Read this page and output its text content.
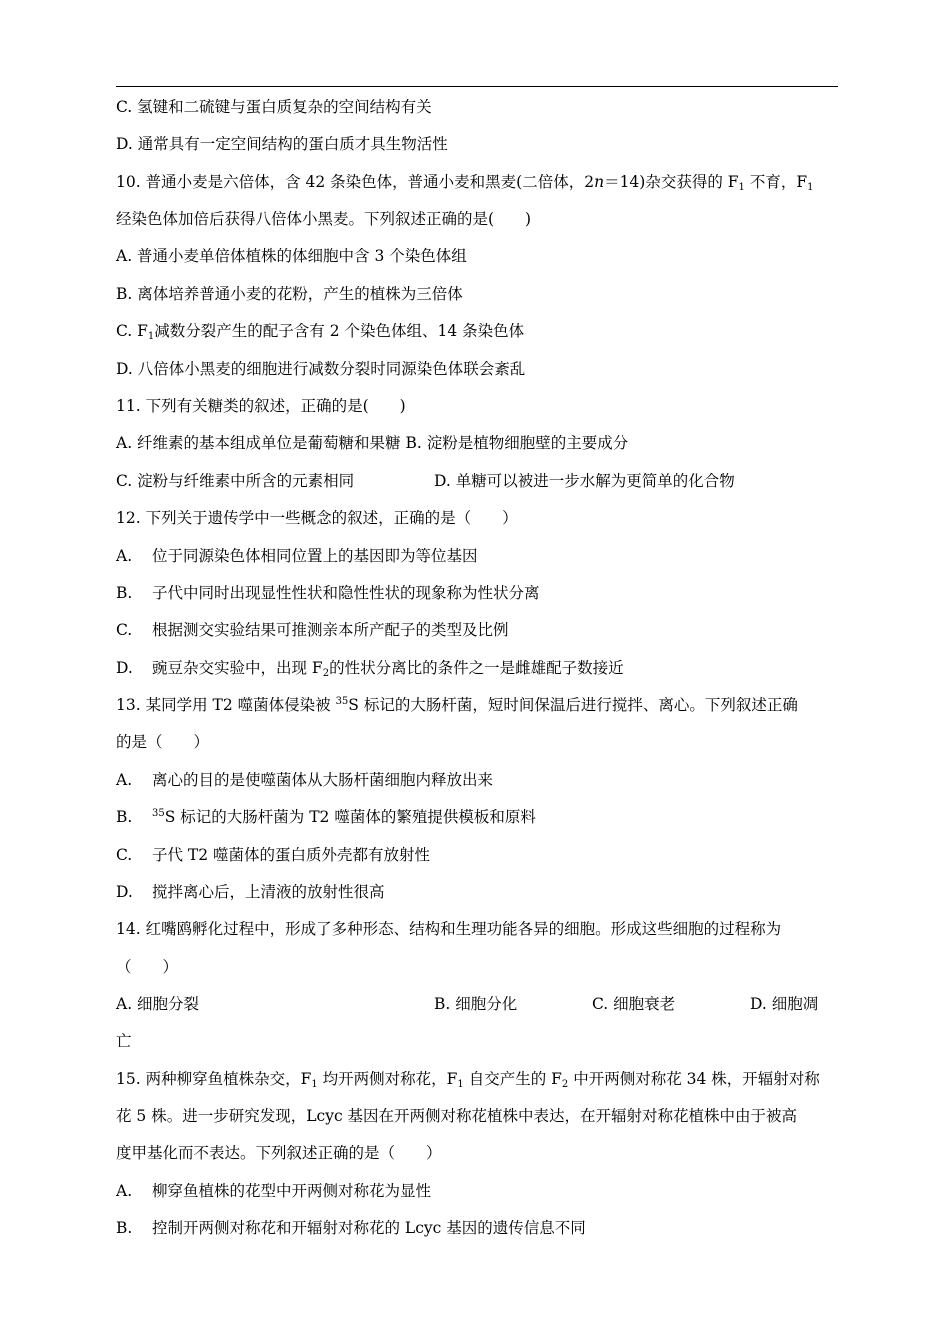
C. 氢键和二硫键与蛋白质复杂的空间结构有关
D. 通常具有一定空间结构的蛋白质才具生物活性
10. 普通小麦是六倍体，含 42 条染色体，普通小麦和黑麦(二倍体，2n＝14)杂交获得的 $F_1$ 不育，$F_1$
经染色体加倍后获得八倍体小黑麦。下列叙述正确的是(　　)
A. 普通小麦单倍体植株的体细胞中含 3 个染色体组
B. 离体培养普通小麦的花粉，产生的植株为三倍体
C. $F_1$减数分裂产生的配子含有 2 个染色体组、14 条染色体
D. 八倍体小黑麦的细胞进行减数分裂时同源染色体联会紊乱
11. 下列有关糖类的叙述，正确的是(　　)
A. 纤维素的基本组成单位是葡萄糖和果糖 B. 淀粉是植物细胞壁的主要成分
C. 淀粉与纤维素中所含的元素相同	D. 单糖可以被进一步水解为更简单的化合物
12. 下列关于遗传学中一些概念的叙述，正确的是（　　）
A. 位于同源染色体相同位置上的基因即为等位基因
B. 子代中同时出现显性性状和隐性性状的现象称为性状分离
C. 根据测交实验结果可推测亲本所产配子的类型及比例
D. 豌豆杂交实验中，出现 $F_2$的性状分离比的条件之一是雌雄配子数接近
13. 某同学用 T2 噬菌体侵染被 $^{35}$S 标记的大肠杆菌，短时间保温后进行搅拌、离心。下列叙述正确
的是（　　）
A. 离心的目的是使噬菌体从大肠杆菌细胞内释放出来
B. $^{35}$S 标记的大肠杆菌为 T2 噬菌体的繁殖提供模板和原料
C. 子代 T2 噬菌体的蛋白质外壳都有放射性
D. 搅拌离心后，上清液的放射性很高
14. 红嘴鸥孵化过程中，形成了多种形态、结构和生理功能各异的细胞。形成这些细胞的过程称为
（　　）
A. 细胞分裂	B. 细胞分化	C. 细胞衰老	D. 细胞凋
亡
15. 两种柳穿鱼植株杂交，$F_1$ 均开两侧对称花，$F_1$ 自交产生的 $F_2$ 中开两侧对称花 34 株，开辐射对称
花 5 株。进一步研究发现，Lcyc 基因在开两侧对称花植株中表达，在开辐射对称花植株中由于被高
度甲基化而不表达。下列叙述正确的是（　　）
A. 柳穿鱼植株的花型中开两侧对称花为显性
B. 控制开两侧对称花和开辐射对称花的 Lcyc 基因的遗传信息不同
